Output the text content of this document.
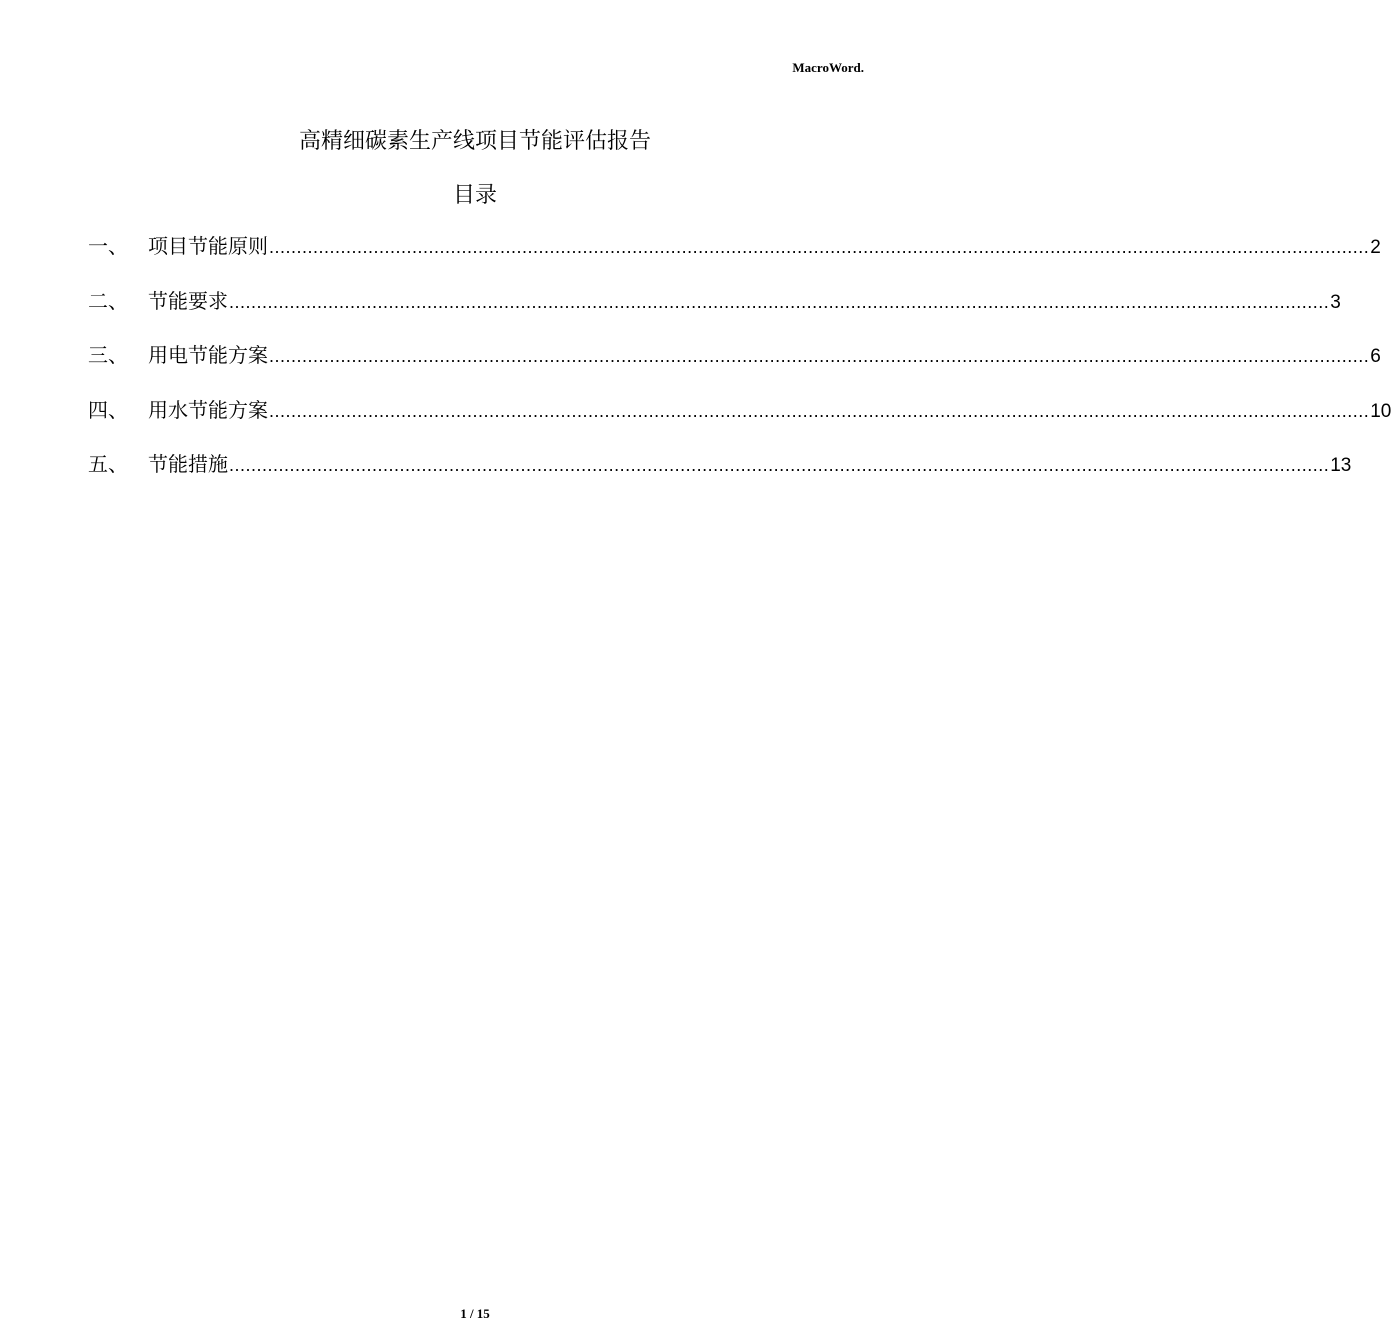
MacroWord.
高精细碳素生产线项目节能评估报告
目录
一、	项目节能原则 ........................................................................................................................................................................................................ 2
二、	节能要求 ........................................................................................................................................................................................................ 3
三、	用电节能方案 ........................................................................................................................................................................................................ 6
四、	用水节能方案 ........................................................................................................................................................................................................ 10
五、	节能措施 ........................................................................................................................................................................................................ 13
1 / 15
